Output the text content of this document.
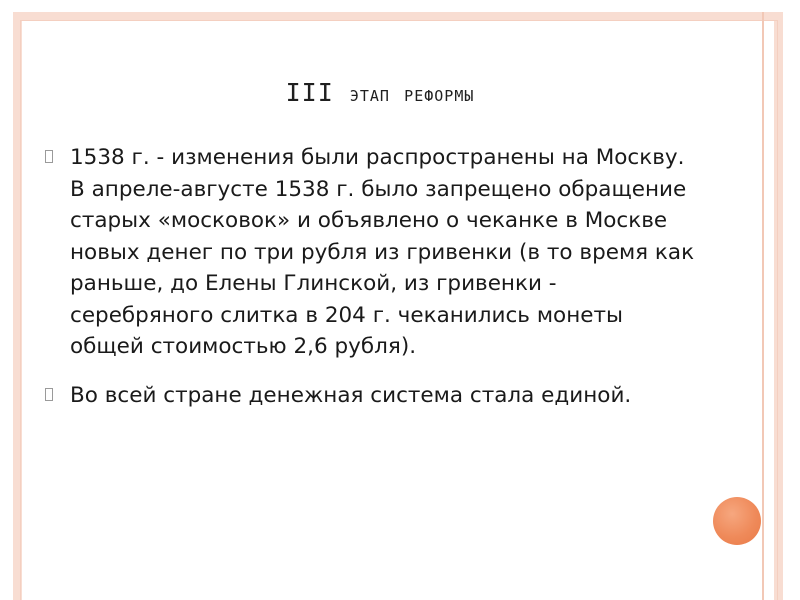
III этап реформы
1538 г. - изменения были распространены на Москву. В апреле-августе 1538 г. было запрещено обращение старых «московок» и объявлено о чеканке в Москве новых денег по три рубля из гривенки (в то время как раньше, до Елены Глинской, из гривенки - серебряного слитка в 204 г. чеканились монеты общей стоимостью 2,6 рубля).
Во всей стране денежная система стала единой.
